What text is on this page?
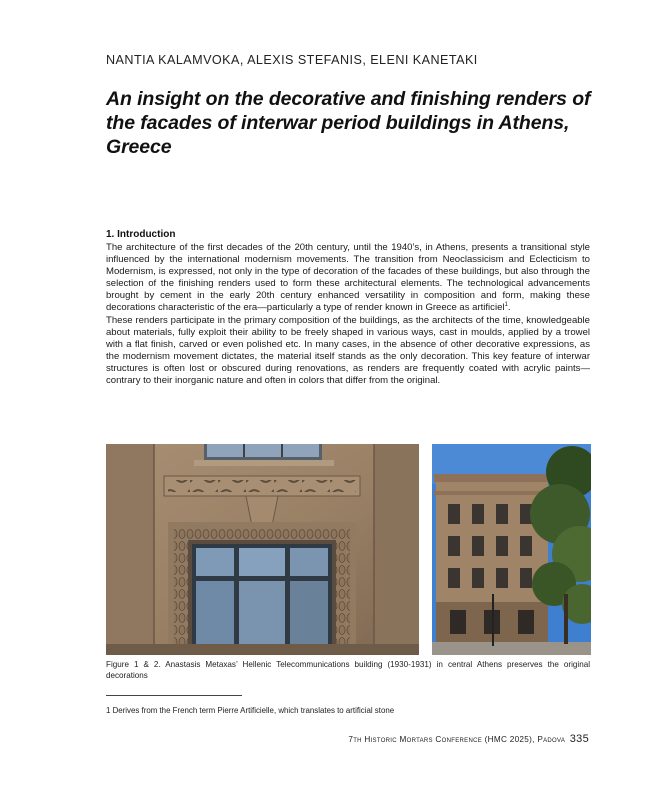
NANTIA KALAMVOKA, ALEXIS STEFANIS, ELENI KANETAKI
An insight on the decorative and finishing renders of the facades of interwar period buildings in Athens, Greece
1. Introduction

The architecture of the first decades of the 20th century, until the 1940’s, in Athens, presents a transitional style influenced by the international modernism movements. The transition from Neoclassicism and Eclecticism to Modernism, is expressed, not only in the type of decoration of the facades of these buildings, but also through the selection of the finishing renders used to form these architectural elements. The technological advancements brought by cement in the early 20th century enhanced versatility in composition and form, making these decorations characteristic of the era—particularly a type of render known in Greece as artificiel$^1$.

These renders participate in the primary composition of the buildings, as the architects of the time, knowledgeable about materials, fully exploit their ability to be freely shaped in various ways, cast in moulds, applied by a trowel with a flat finish, carved or even polished etc. In many cases, in the absence of other decorative expressions, as the modernism movement dictates, the material itself stands as the only decoration. This key feature of interwar structures is often lost or obscured during renovations, as renders are frequently coated with acrylic paints—contrary to their inorganic nature and often in colors that differ from the original.

Figure 1 & 2. Anastasis Metaxas’ Hellenic Telecommunications building (1930-1931) in central Athens preserves the original decorations
1 Derives from the French term Pierre Artificielle, which translates to artificial stone
7th Historic Mortars Conference (HMC 2025), Padova 335
